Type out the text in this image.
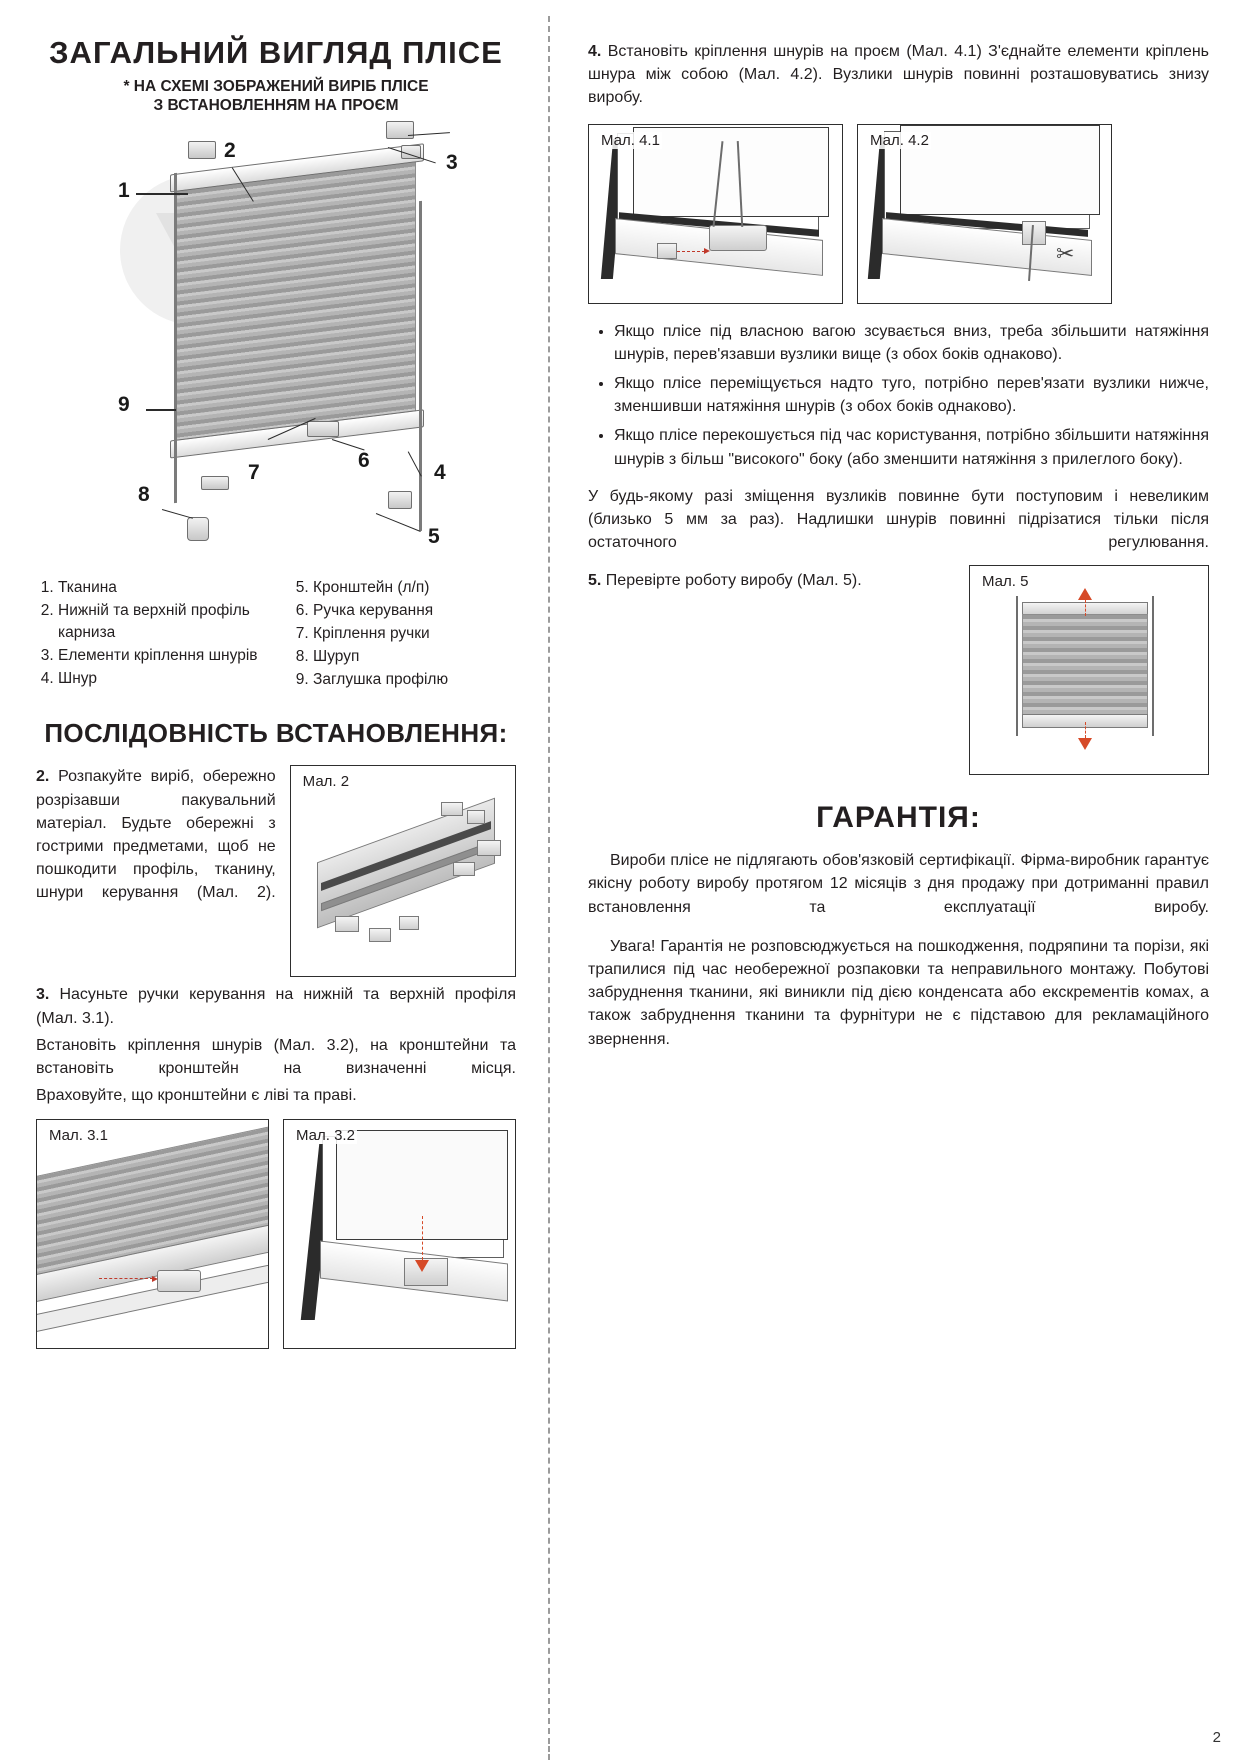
ЗАГАЛЬНИЙ ВИГЛЯД ПЛІСЕ
* НА СХЕМІ ЗОБРАЖЕНИЙ ВИРІБ ПЛІСЕ
З ВСТАНОВЛЕННЯМ НА ПРОЄМ
1
2
3
4
5
6
7
8
9
1. Тканина
2. Нижній та верхній профіль карниза
3. Елементи кріплення шнурів
4. Шнур
5. Кронштейн (л/п)
6. Ручка керування
7. Кріплення ручки
8. Шуруп
9. Заглушка профілю
ПОСЛІДОВНІСТЬ ВСТАНОВЛЕННЯ:

2. Розпакуйте виріб, обережно розрізавши пакувальний матеріал. Будьте обережні з гострими предметами, щоб не пошкодити профіль, тканину, шнури керування (Мал. 2).

Мал. 2

3. Насуньте ручки керування на нижній та верхній профіля (Мал. 3.1).

Встановіть кріплення шнурів (Мал. 3.2), на кронштейни та встановіть кронштейн на визначенні місця.

Враховуйте, що кронштейни є ліві та праві.

Мал. 3.1	Мал. 3.2

4. Встановіть кріплення шнурів на проєм (Мал. 4.1) З'єднайте елементи кріплень шнура між собою (Мал. 4.2). Вузлики шнурів повинні розташовуватись знизу виробу.

Мал. 4.1	Мал. 4.2
✂
• Якщо пліcе під власною вагою зсувається вниз, треба збільшити натяжіння шнурів, перев'язавши вузлики вище (з обох боків однаково).
• Якщо пліcе переміщується надто туго, потрібно перев'язати вузлики нижче, зменшивши натяжіння шнурів (з обох боків однаково).
• Якщо пліcе перекошується під час користування, потрібно збільшити натяжіння шнурів з більш "високого" боку (або зменшити натяжіння з прилеглого боку).

У будь-якому разі зміщення вузликів повинне бути поступовим і невеликим (близько 5 мм за раз). Надлишки шнурів повинні підрізатися тільки після остаточного регулювання.

5. Перевірте роботу виробу (Мал. 5).	Мал. 5
ГАРАНТІЯ:

Вироби пліcе не підлягають обов'язковій сертифікації. Фірма-виробник гарантує якісну роботу виробу протягом 12 місяців з дня продажу при дотриманні правил встановлення та експлуатації виробу.

Увага! Гарантія не розповсюджується на пошкодження, подряпини та порізи, які трапилися під час необережної розпаковки та неправильного монтажу. Побутові забруднення тканини, які виникли під дією конденсата або екскрементів комах, а також забруднення тканини та фурнітури не є підставою для рекламаційного звернення.

2
